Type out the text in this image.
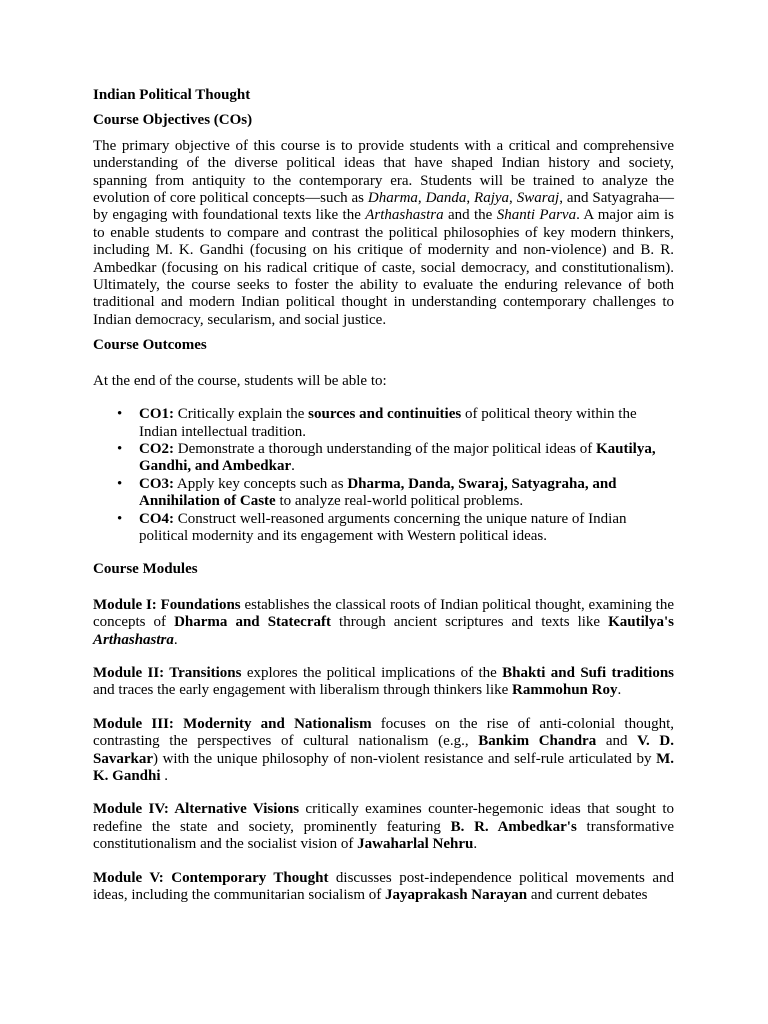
Indian Political Thought

Course Objectives (COs)

The primary objective of this course is to provide students with a critical and comprehensive understanding of the diverse political ideas that have shaped Indian history and society, spanning from antiquity to the contemporary era. Students will be trained to analyze the evolution of core political concepts—such as Dharma, Danda, Rajya, Swaraj, and Satyagraha—by engaging with foundational texts like the Arthashastra and the Shanti Parva. A major aim is to enable students to compare and contrast the political philosophies of key modern thinkers, including M. K. Gandhi (focusing on his critique of modernity and non-violence) and B. R. Ambedkar (focusing on his radical critique of caste, social democracy, and constitutionalism). Ultimately, the course seeks to foster the ability to evaluate the enduring relevance of both traditional and modern Indian political thought in understanding contemporary challenges to Indian democracy, secularism, and social justice.

Course Outcomes

At the end of the course, students will be able to:

• CO1: Critically explain the sources and continuities of political theory within the Indian intellectual tradition.
• CO2: Demonstrate a thorough understanding of the major political ideas of Kautilya, Gandhi, and Ambedkar.
• CO3: Apply key concepts such as Dharma, Danda, Swaraj, Satyagraha, and Annihilation of Caste to analyze real-world political problems.
• CO4: Construct well-reasoned arguments concerning the unique nature of Indian political modernity and its engagement with Western political ideas.

Course Modules

Module I: Foundations establishes the classical roots of Indian political thought, examining the concepts of Dharma and Statecraft through ancient scriptures and texts like Kautilya's Arthashastra.

Module II: Transitions explores the political implications of the Bhakti and Sufi traditions and traces the early engagement with liberalism through thinkers like Rammohun Roy.

Module III: Modernity and Nationalism focuses on the rise of anti-colonial thought, contrasting the perspectives of cultural nationalism (e.g., Bankim Chandra and V. D. Savarkar) with the unique philosophy of non-violent resistance and self-rule articulated by M. K. Gandhi .

Module IV: Alternative Visions critically examines counter-hegemonic ideas that sought to redefine the state and society, prominently featuring B. R. Ambedkar's transformative constitutionalism and the socialist vision of Jawaharlal Nehru.

Module V: Contemporary Thought discusses post-independence political movements and ideas, including the communitarian socialism of Jayaprakash Narayan and current debates
